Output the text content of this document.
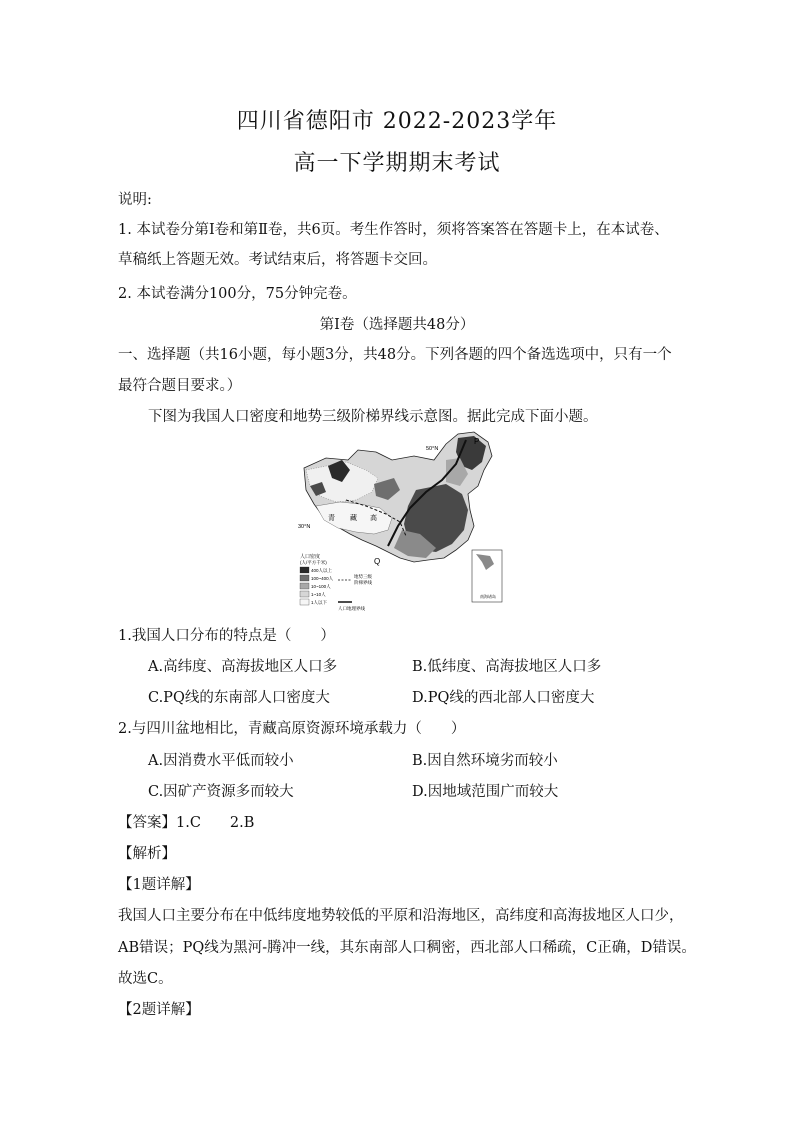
四川省德阳市 2022-2023学年
高一下学期期末考试
说明:
1. 本试卷分第Ⅰ卷和第Ⅱ卷，共6页。考生作答时，须将答案答在答题卡上，在本试卷、
草稿纸上答题无效。考试结束后，将答题卡交回。
2. 本试卷满分100分，75分钟完卷。
第Ⅰ卷（选择题共48分）
一、选择题（共16小题，每小题3分，共48分。下列各题的四个备选选项中，只有一个
最符合题目要求。）
下图为我国人口密度和地势三级阶梯界线示意图。据此完成下面小题。
50°N
30°N
P
Q
青 藏 高
人口密度
(人/平方千米)
400人以上
100~400人
10~100人
1~10人
1人以下
地势三级
阶梯界线
人口地理界线
南海诸岛
1.我国人口分布的特点是（　　）
A.高纬度、高海拔地区人口多	B.低纬度、高海拔地区人口多
C.PQ线的东南部人口密度大	D.PQ线的西北部人口密度大
2.与四川盆地相比，青藏高原资源环境承载力（　　）
A.因消费水平低而较小	B.因自然环境劣而较小
C.因矿产资源多而较大	D.因地域范围广而较大
【答案】1.C　　2.B
【解析】
【1题详解】
我国人口主要分布在中低纬度地势较低的平原和沿海地区，高纬度和高海拔地区人口少，
AB错误；PQ线为黑河-腾冲一线，其东南部人口稠密，西北部人口稀疏，C正确，D错误。
故选C。
【2题详解】
